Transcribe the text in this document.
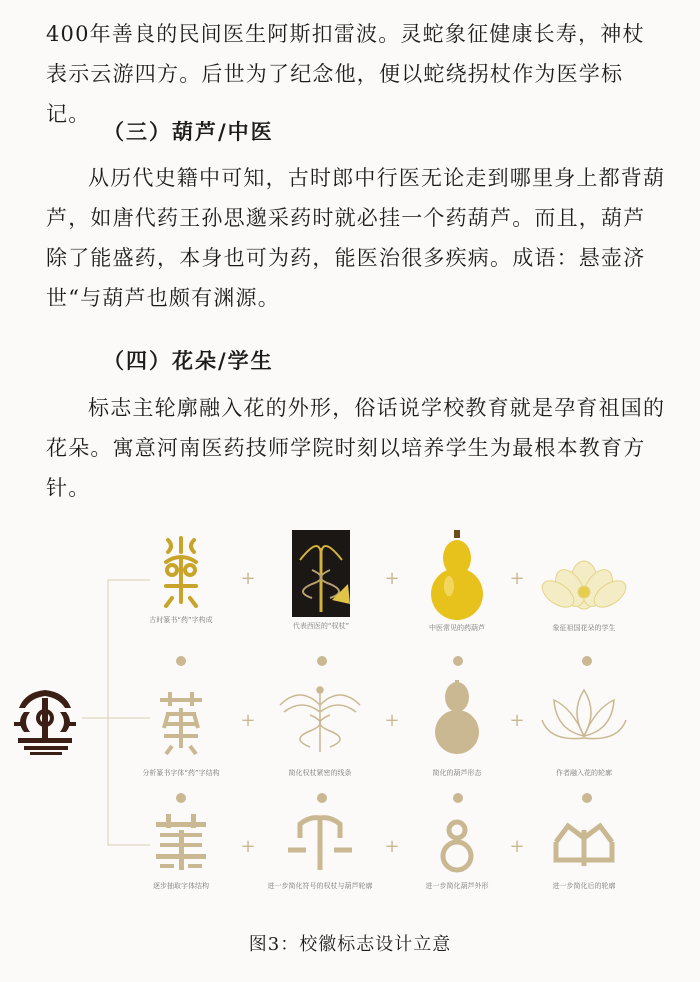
400年善良的民间医生阿斯扣雷波。灵蛇象征健康长寿，神杖表示云游四方。后世为了纪念他，便以蛇绕拐杖作为医学标记。

（三）葫芦/中医

从历代史籍中可知，古时郎中行医无论走到哪里身上都背葫芦，如唐代药王孙思邈采药时就必挂一个药葫芦。而且，葫芦除了能盛药，本身也可为药，能医治很多疾病。成语：悬壶济世“与葫芦也颇有渊源。

（四）花朵/学生

标志主轮廓融入花的外形，俗话说学校教育就是孕育祖国的花朵。寓意河南医药技师学院时刻以培养学生为最根本教育方针。

古时篆书“药”字构成
代表西医的“权杖”	中医常见的药葫芦	象征祖国花朵的学生
+	+	+
分析篆书字体“药”字结构	简化权杖紧密的线条	简化的葫芦形态	作者融入花的轮廓
+	+	+
逐步抽取字体结构	进一步简化符号的权杖与葫芦轮廓	进一步简化葫芦外形	进一步简化后的轮廓
+	+	+
图3：校徽标志设计立意
